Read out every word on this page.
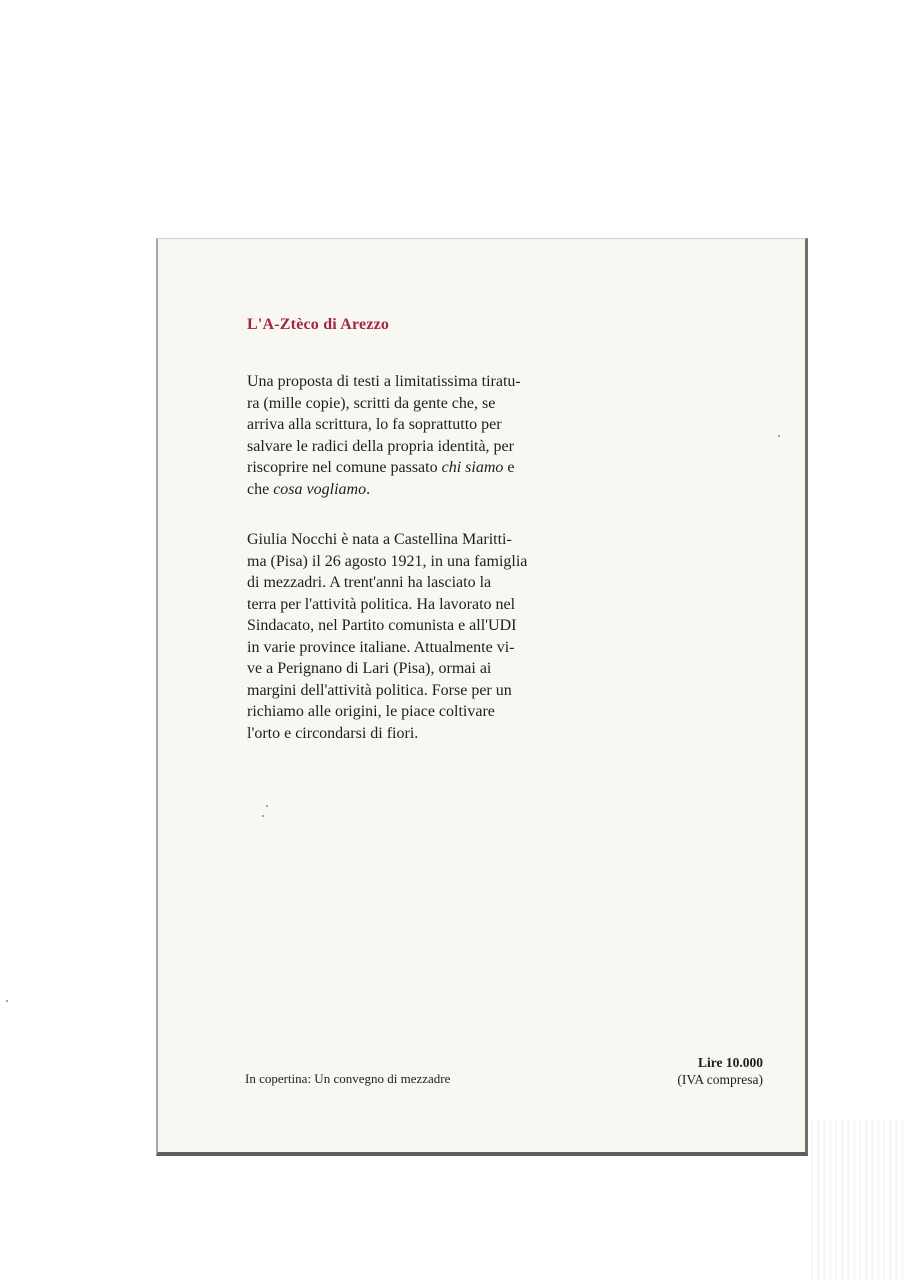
L'A-Ztèco di Arezzo

Una proposta di testi a limitatissima tiratu-
ra (mille copie), scritti da gente che, se
arriva alla scrittura, lo fa soprattutto per
salvare le radici della propria identità, per
riscoprire nel comune passato chi siamo e
che cosa vogliamo.

Giulia Nocchi è nata a Castellina Maritti-
ma (Pisa) il 26 agosto 1921, in una famiglia
di mezzadri. A trent'anni ha lasciato la
terra per l'attività politica. Ha lavorato nel
Sindacato, nel Partito comunista e all'UDI
in varie province italiane. Attualmente vi-
ve a Perignano di Lari (Pisa), ormai ai
margini dell'attività politica. Forse per un
richiamo alle origini, le piace coltivare
l'orto e circondarsi di fiori.

In copertina: Un convegno di mezzadre

Lire 10.000
(IVA compresa)
